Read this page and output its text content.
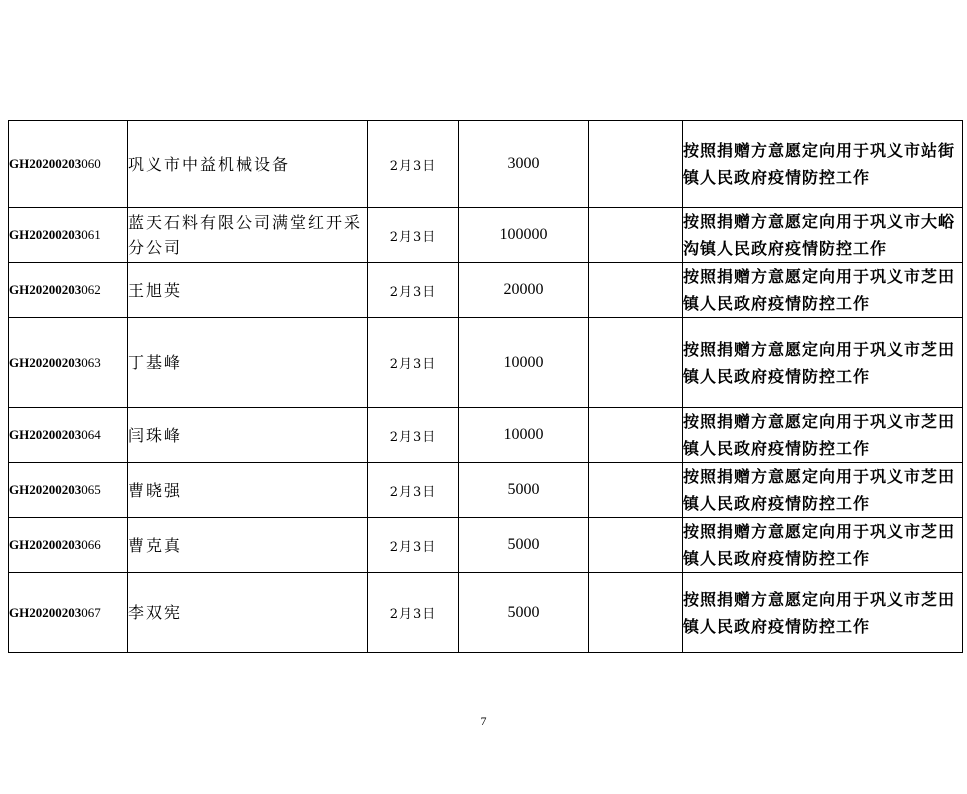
GH20200203060	巩义市中益机械设备	2月3日	3000		按照捐赠方意愿定向用于巩义市站街镇人民政府疫情防控工作
GH20200203061	蓝天石料有限公司满堂红开采分公司	2月3日	100000		按照捐赠方意愿定向用于巩义市大峪沟镇人民政府疫情防控工作
GH20200203062	王旭英	2月3日	20000		按照捐赠方意愿定向用于巩义市芝田镇人民政府疫情防控工作
GH20200203063	丁基峰	2月3日	10000		按照捐赠方意愿定向用于巩义市芝田镇人民政府疫情防控工作
GH20200203064	闫珠峰	2月3日	10000		按照捐赠方意愿定向用于巩义市芝田镇人民政府疫情防控工作
GH20200203065	曹晓强	2月3日	5000		按照捐赠方意愿定向用于巩义市芝田镇人民政府疫情防控工作
GH20200203066	曹克真	2月3日	5000		按照捐赠方意愿定向用于巩义市芝田镇人民政府疫情防控工作
GH20200203067	李双宪	2月3日	5000		按照捐赠方意愿定向用于巩义市芝田镇人民政府疫情防控工作
7
